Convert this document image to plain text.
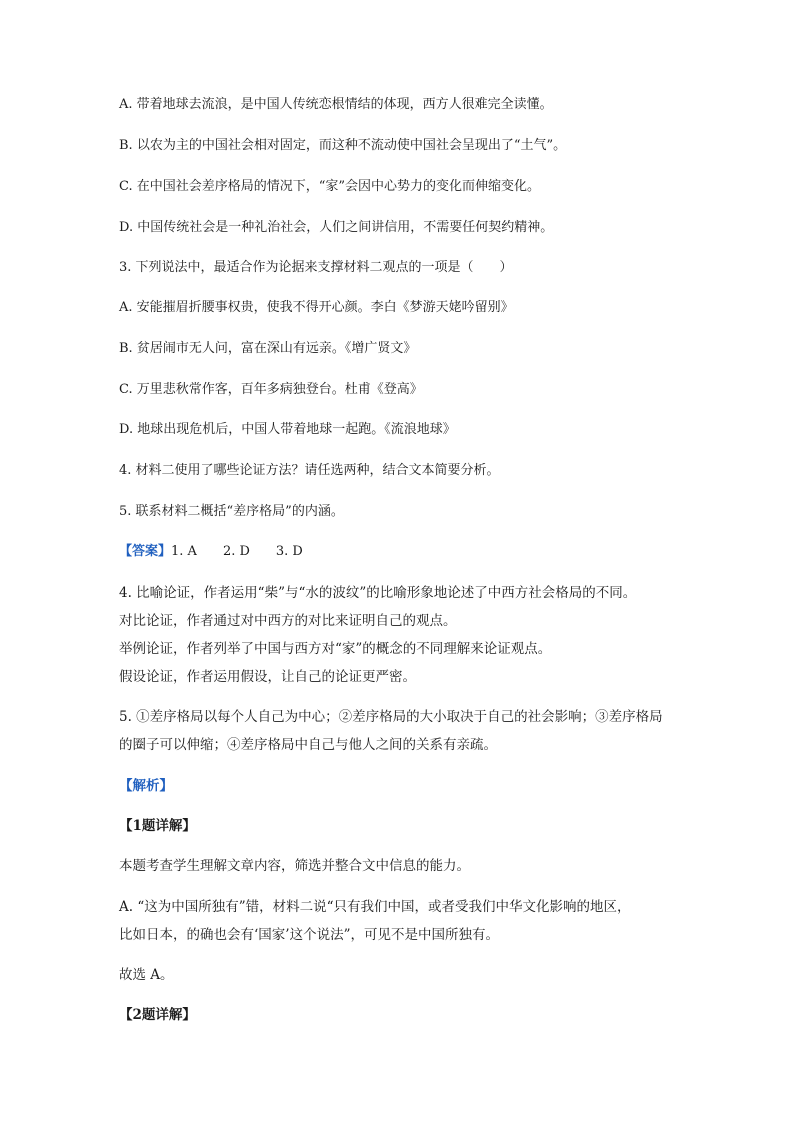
A. 带着地球去流浪，是中国人传统恋根情结的体现，西方人很难完全读懂。
B. 以农为主的中国社会相对固定，而这种不流动使中国社会呈现出了“土气”。
C. 在中国社会差序格局的情况下，“家”会因中心势力的变化而伸缩变化。
D. 中国传统社会是一种礼治社会，人们之间讲信用，不需要任何契约精神。
3. 下列说法中，最适合作为论据来支撑材料二观点的一项是（　　）
A. 安能摧眉折腰事权贵，使我不得开心颜。李白《梦游天姥吟留别》
B. 贫居闹市无人问，富在深山有远亲。《增广贤文》
C. 万里悲秋常作客，百年多病独登台。杜甫《登高》
D. 地球出现危机后，中国人带着地球一起跑。《流浪地球》
4. 材料二使用了哪些论证方法？请任选两种，结合文本简要分析。
5. 联系材料二概括“差序格局”的内涵。
【答案】1. A　　2. D　　3. D
4. 比喻论证，作者运用“柴”与“水的波纹”的比喻形象地论述了中西方社会格局的不同。
对比论证，作者通过对中西方的对比来证明自己的观点。
举例论证，作者列举了中国与西方对“家”的概念的不同理解来论证观点。
假设论证，作者运用假设，让自己的论证更严密。
5. ①差序格局以每个人自己为中心；②差序格局的大小取决于自己的社会影响；③差序格局
的圈子可以伸缩；④差序格局中自己与他人之间的关系有亲疏。
【解析】
【1题详解】
本题考查学生理解文章内容，筛选并整合文中信息的能力。
A. “这为中国所独有”错，材料二说“只有我们中国，或者受我们中华文化影响的地区，
比如日本，的确也会有‘国家’这个说法”，可见不是中国所独有。
故选 A。
【2题详解】
